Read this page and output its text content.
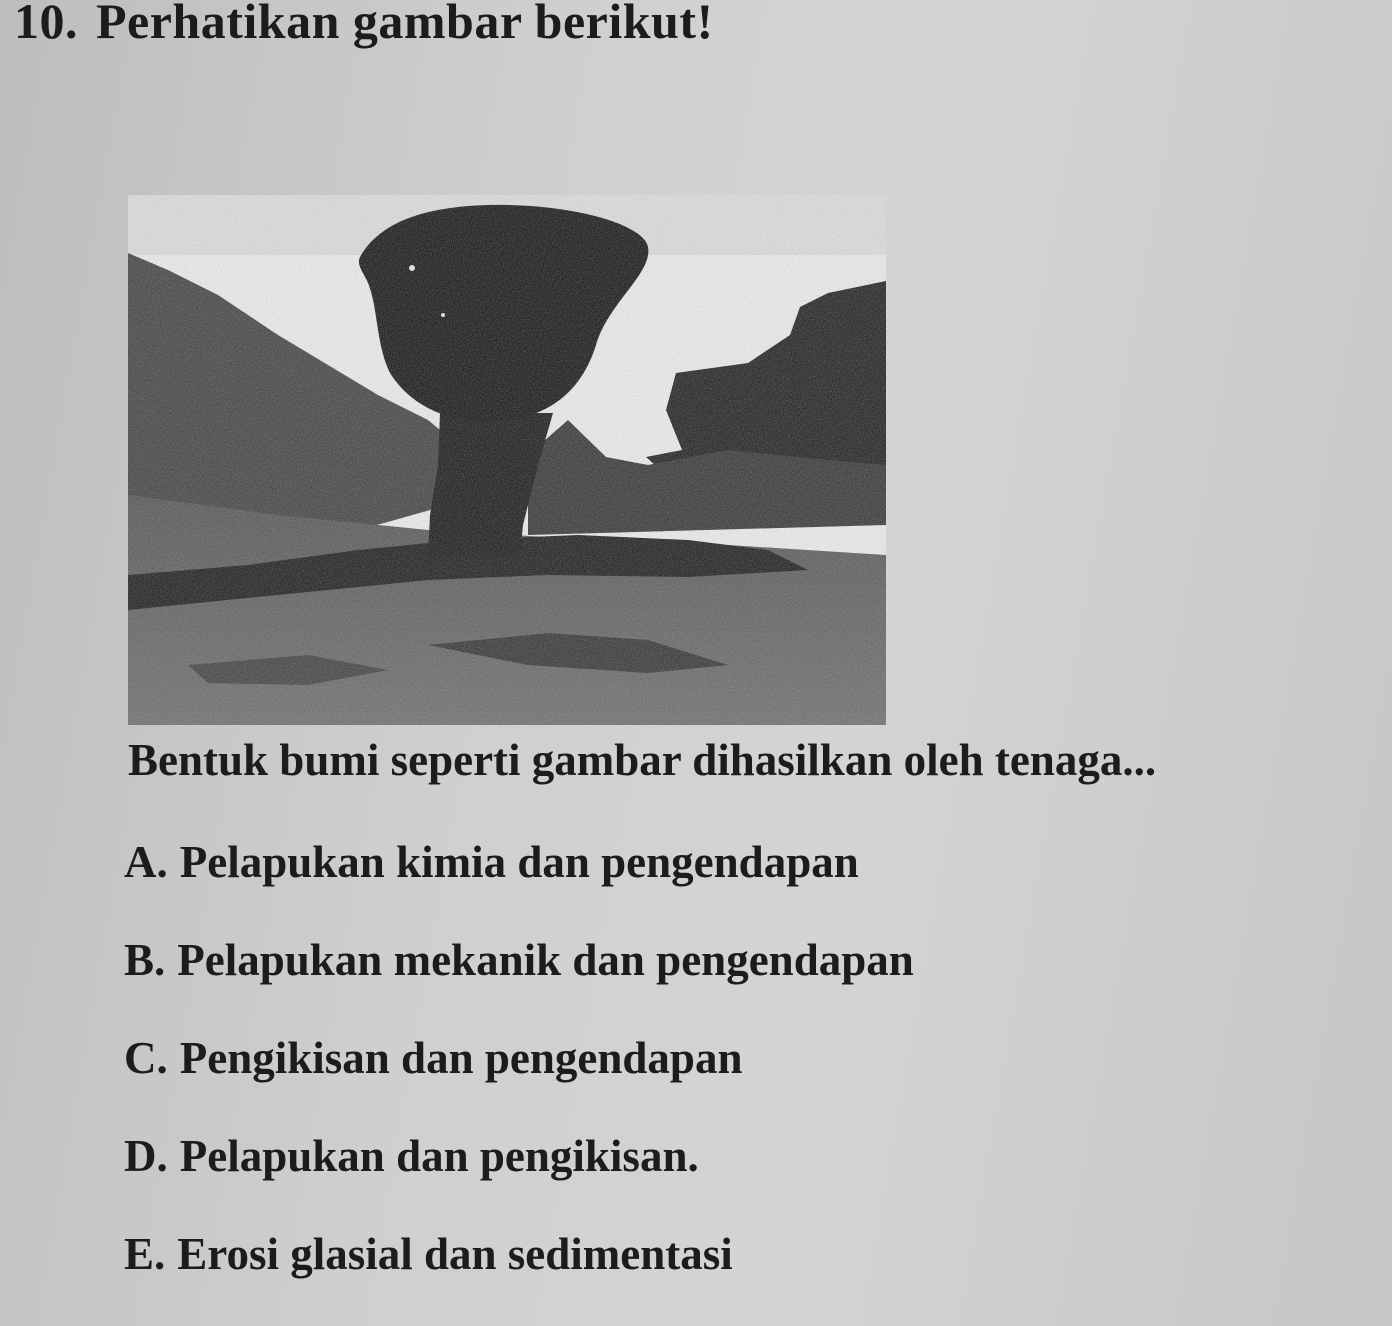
10. Perhatikan gambar berikut!
Bentuk bumi seperti gambar dihasilkan oleh tenaga...
A. Pelapukan kimia dan pengendapan
B. Pelapukan mekanik dan pengendapan
C. Pengikisan dan pengendapan
D. Pelapukan dan pengikisan.
E. Erosi glasial dan sedimentasi
